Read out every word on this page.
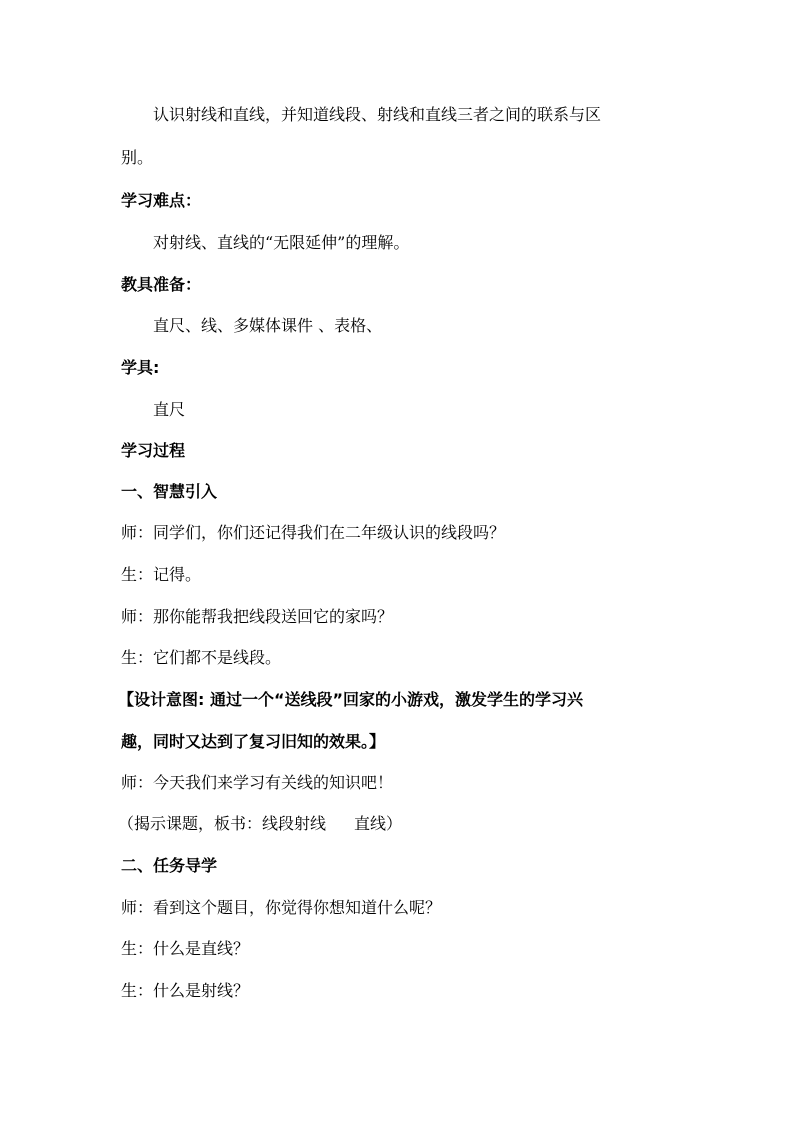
认识射线和直线，并知道线段、射线和直线三者之间的联系与区
别。
学习难点：
对射线、直线的“无限延伸”的理解。
教具准备：
直尺、线、多媒体课件 、表格、
学具:
直尺
学习过程
一、智慧引入
师：同学们，你们还记得我们在二年级认识的线段吗？
生：记得。
师：那你能帮我把线段送回它的家吗？
生：它们都不是线段。
【设计意图: 通过一个“送线段”回家的小游戏，激发学生的学习兴
趣，同时又达到了复习旧知的效果。】
师：今天我们来学习有关线的知识吧！
（揭示课题，板书：线段射线 直线）
二、任务导学
师：看到这个题目，你觉得你想知道什么呢？
生：什么是直线？
生：什么是射线？
